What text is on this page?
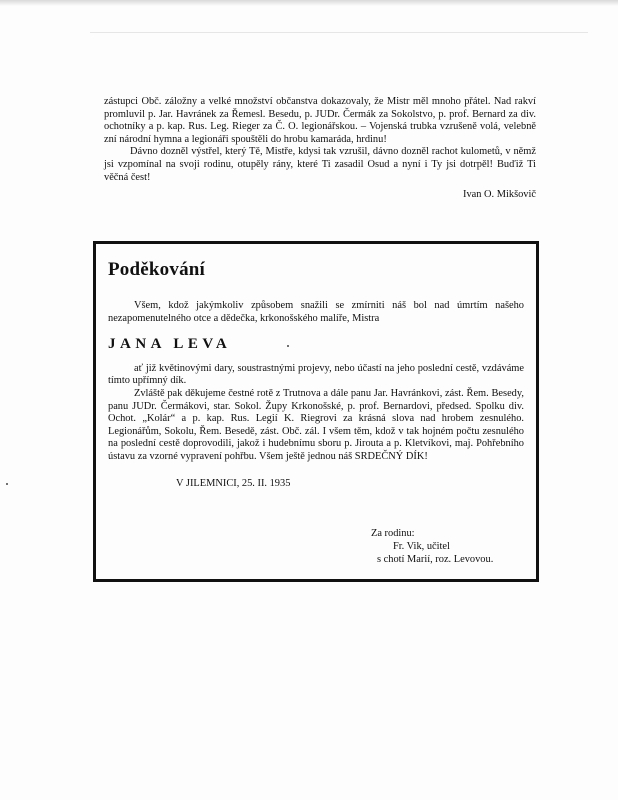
zástupci Obč. záložny a velké množství občanstva dokazovaly, že Mistr měl mnoho přátel. Nad rakví promluvil p. Jar. Havránek za Řemesl. Besedu, p. JUDr. Čermák za Sokolstvo, p. prof. Bernard za div. ochotníky a p. kap. Rus. Leg. Rieger za Č. O. legionářskou. – Vojenská trubka vzrušeně volá, velebně zní národní hymna a legionáři spouštěli do hrobu kamaráda, hrdinu!

Dávno dozněl výstřel, který Tě, Mistře, kdysi tak vzrušil, dávno dozněl rachot kulometů, v němž jsi vzpomínal na svoji rodinu, otupěly rány, které Ti zasadil Osud a nyní i Ty jsi dotrpěl! Buďiž Ti věčná čest!

Ivan O. Mikšovič

Poděkování

Všem, kdož jakýmkoliv způsobem snažili se zmírniti náš bol nad úmrtím našeho nezapomenutelného otce a dědečka, krkonošského malíře, Mistra

JANA LEVA

ať již květinovými dary, soustrastnými projevy, nebo účastí na jeho poslední cestě, vzdáváme tímto upřímný dík.

Zvláště pak děkujeme čestné rotě z Trutnova a dále panu Jar. Havránkovi, zást. Řem. Besedy, panu JUDr. Čermákovi, star. Sokol. Župy Krkonošské, p. prof. Bernardovi, předsed. Spolku div. Ochot. „Kolár“ a p. kap. Rus. Legií K. Riegrovi za krásná slova nad hrobem zesnulého. Legionářům, Sokolu, Řem. Besedě, zást. Obč. zál. I všem těm, kdož v tak hojném počtu zesnulého na poslední cestě doprovodili, jakož i hudebnímu sboru p. Jirouta a p. Kletvíkovi, maj. Pohřebního ústavu za vzorné vypravení pohřbu. Všem ještě jednou náš SRDEČNÝ DÍK!

V JILEMNICI, 25. II. 1935

Za rodinu:
Fr. Vik, učitel
s chotí Marií, roz. Levovou.
